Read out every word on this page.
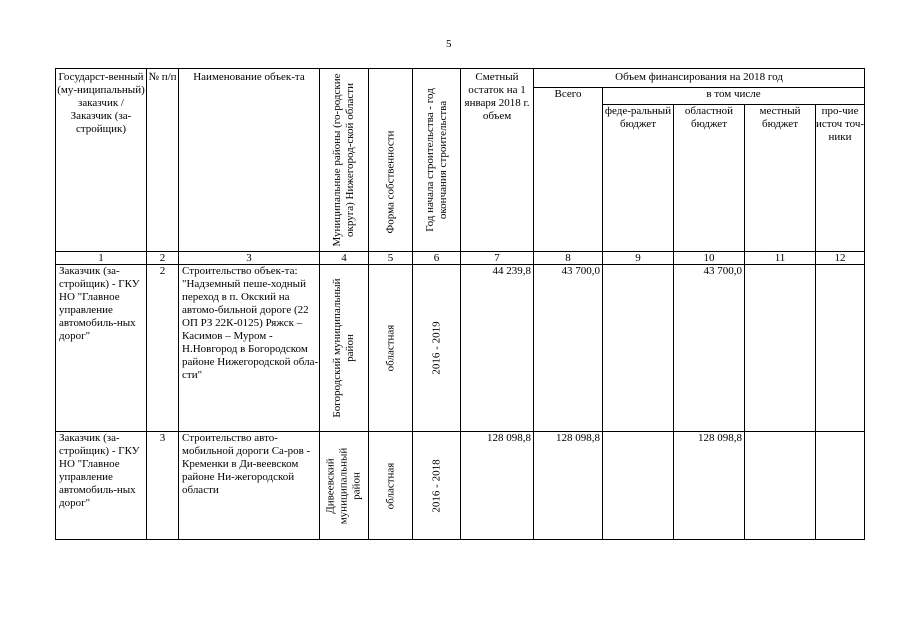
5
Государст-венный (му-ниципальный) заказчик / Заказчик (за-стройщик)	№ п/п	Наименование объек-та	Муниципальные районы (го-родские округа) Нижегород-ской области	Форма собственности	Год начала строительства - год окончания строительства	Сметный остаток на 1 января 2018 г. объем	Объем финансирования на 2018 год				
							Всего	в том числе			
								феде-ральный бюджет	областной бюджет	местный бюджет	про-чие источ точ-ники
1	2	3	4	5	6	7	8	9	10	11	12
Заказчик (за-стройщик) - ГКУ НО "Главное управление автомобиль-ных дорог"	2	Строительство объек-та: "Надземный пеше-ходный переход в п. Окский на автомо-бильной дороге (22 ОП РЗ 22К-0125) Ряжск – Касимов – Муром - Н.Новгород в Богородском районе Нижегородской обла-сти"	Богородский муниципальный район	областная	2016 - 2019	44 239,8	43 700,0		43 700,0		
Заказчик (за-стройщик) - ГКУ НО "Главное управление автомобиль-ных дорог"	3	Строительство авто-мобильной дороги Са-ров - Кременки в Ди-веевском районе Ни-жегородской области	Дивеевский муниципальный район	областная	2016 - 2018	128 098,8	128 098,8		128 098,8		
